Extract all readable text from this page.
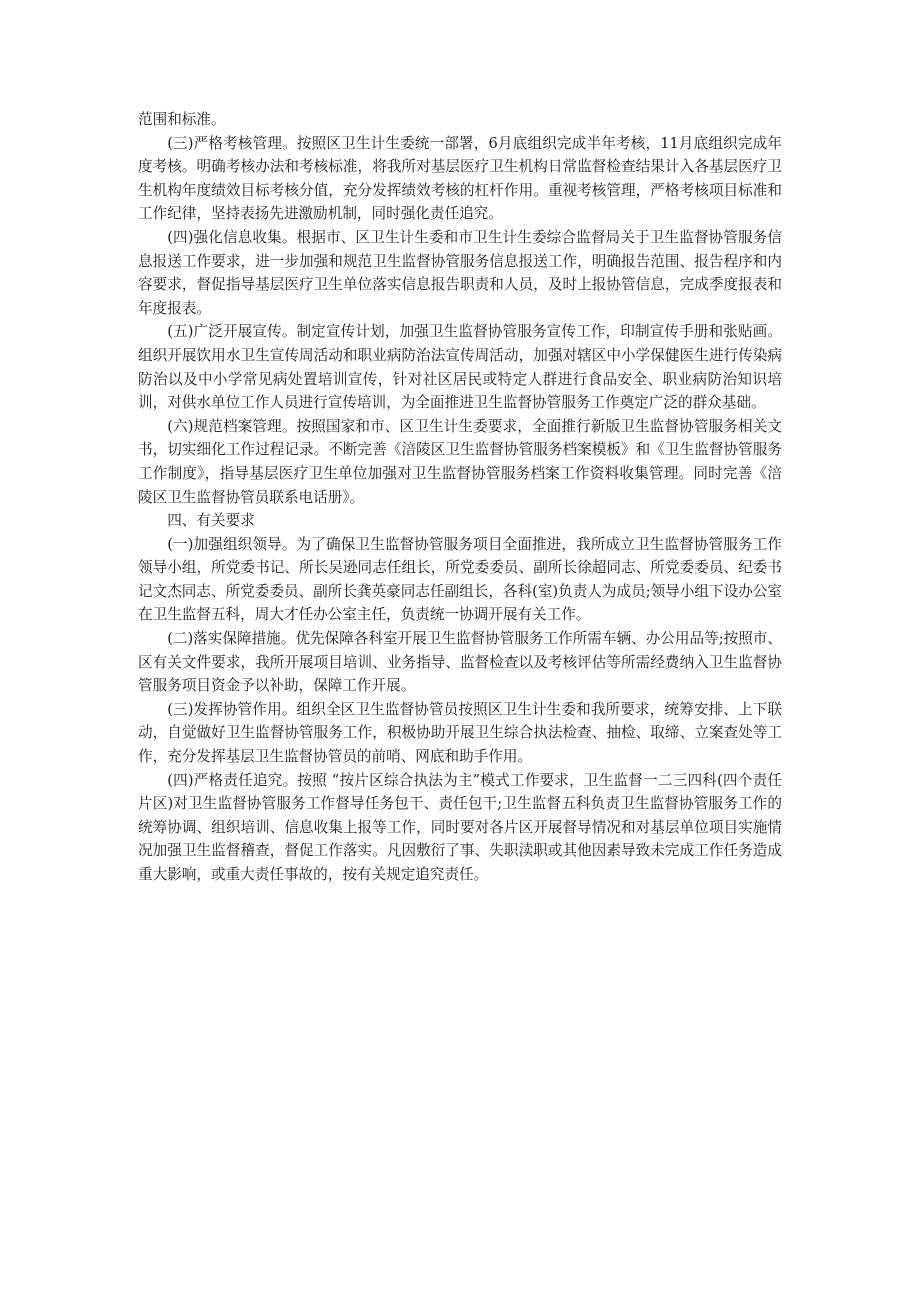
范围和标准。

(三)严格考核管理。按照区卫生计生委统一部署，6月底组织完成半年考核，11月底组织完成年度考核。明确考核办法和考核标准，将我所对基层医疗卫生机构日常监督检查结果计入各基层医疗卫生机构年度绩效目标考核分值，充分发挥绩效考核的杠杆作用。重视考核管理，严格考核项目标准和工作纪律，坚持表扬先进激励机制，同时强化责任追究。

(四)强化信息收集。根据市、区卫生计生委和市卫生计生委综合监督局关于卫生监督协管服务信息报送工作要求，进一步加强和规范卫生监督协管服务信息报送工作，明确报告范围、报告程序和内容要求，督促指导基层医疗卫生单位落实信息报告职责和人员，及时上报协管信息，完成季度报表和年度报表。

(五)广泛开展宣传。制定宣传计划，加强卫生监督协管服务宣传工作，印制宣传手册和张贴画。组织开展饮用水卫生宣传周活动和职业病防治法宣传周活动，加强对辖区中小学保健医生进行传染病防治以及中小学常见病处置培训宣传，针对社区居民或特定人群进行食品安全、职业病防治知识培训，对供水单位工作人员进行宣传培训，为全面推进卫生监督协管服务工作奠定广泛的群众基础。

(六)规范档案管理。按照国家和市、区卫生计生委要求，全面推行新版卫生监督协管服务相关文书，切实细化工作过程记录。不断完善《涪陵区卫生监督协管服务档案模板》和《卫生监督协管服务工作制度》，指导基层医疗卫生单位加强对卫生监督协管服务档案工作资料收集管理。同时完善《涪陵区卫生监督协管员联系电话册》。

四、有关要求

(一)加强组织领导。为了确保卫生监督协管服务项目全面推进，我所成立卫生监督协管服务工作领导小组，所党委书记、所长吴逊同志任组长，所党委委员、副所长徐超同志、所党委委员、纪委书记文杰同志、所党委委员、副所长龚英豪同志任副组长，各科(室)负责人为成员;领导小组下设办公室在卫生监督五科，周大才任办公室主任，负责统一协调开展有关工作。

(二)落实保障措施。优先保障各科室开展卫生监督协管服务工作所需车辆、办公用品等;按照市、区有关文件要求，我所开展项目培训、业务指导、监督检查以及考核评估等所需经费纳入卫生监督协管服务项目资金予以补助，保障工作开展。

(三)发挥协管作用。组织全区卫生监督协管员按照区卫生计生委和我所要求，统筹安排、上下联动，自觉做好卫生监督协管服务工作，积极协助开展卫生综合执法检查、抽检、取缔、立案查处等工作，充分发挥基层卫生监督协管员的前哨、网底和助手作用。

(四)严格责任追究。按照 “按片区综合执法为主”模式工作要求，卫生监督一二三四科(四个责任片区)对卫生监督协管服务工作督导任务包干、责任包干;卫生监督五科负责卫生监督协管服务工作的统筹协调、组织培训、信息收集上报等工作，同时要对各片区开展督导情况和对基层单位项目实施情况加强卫生监督稽查，督促工作落实。凡因敷衍了事、失职渎职或其他因素导致未完成工作任务造成重大影响，或重大责任事故的，按有关规定追究责任。
